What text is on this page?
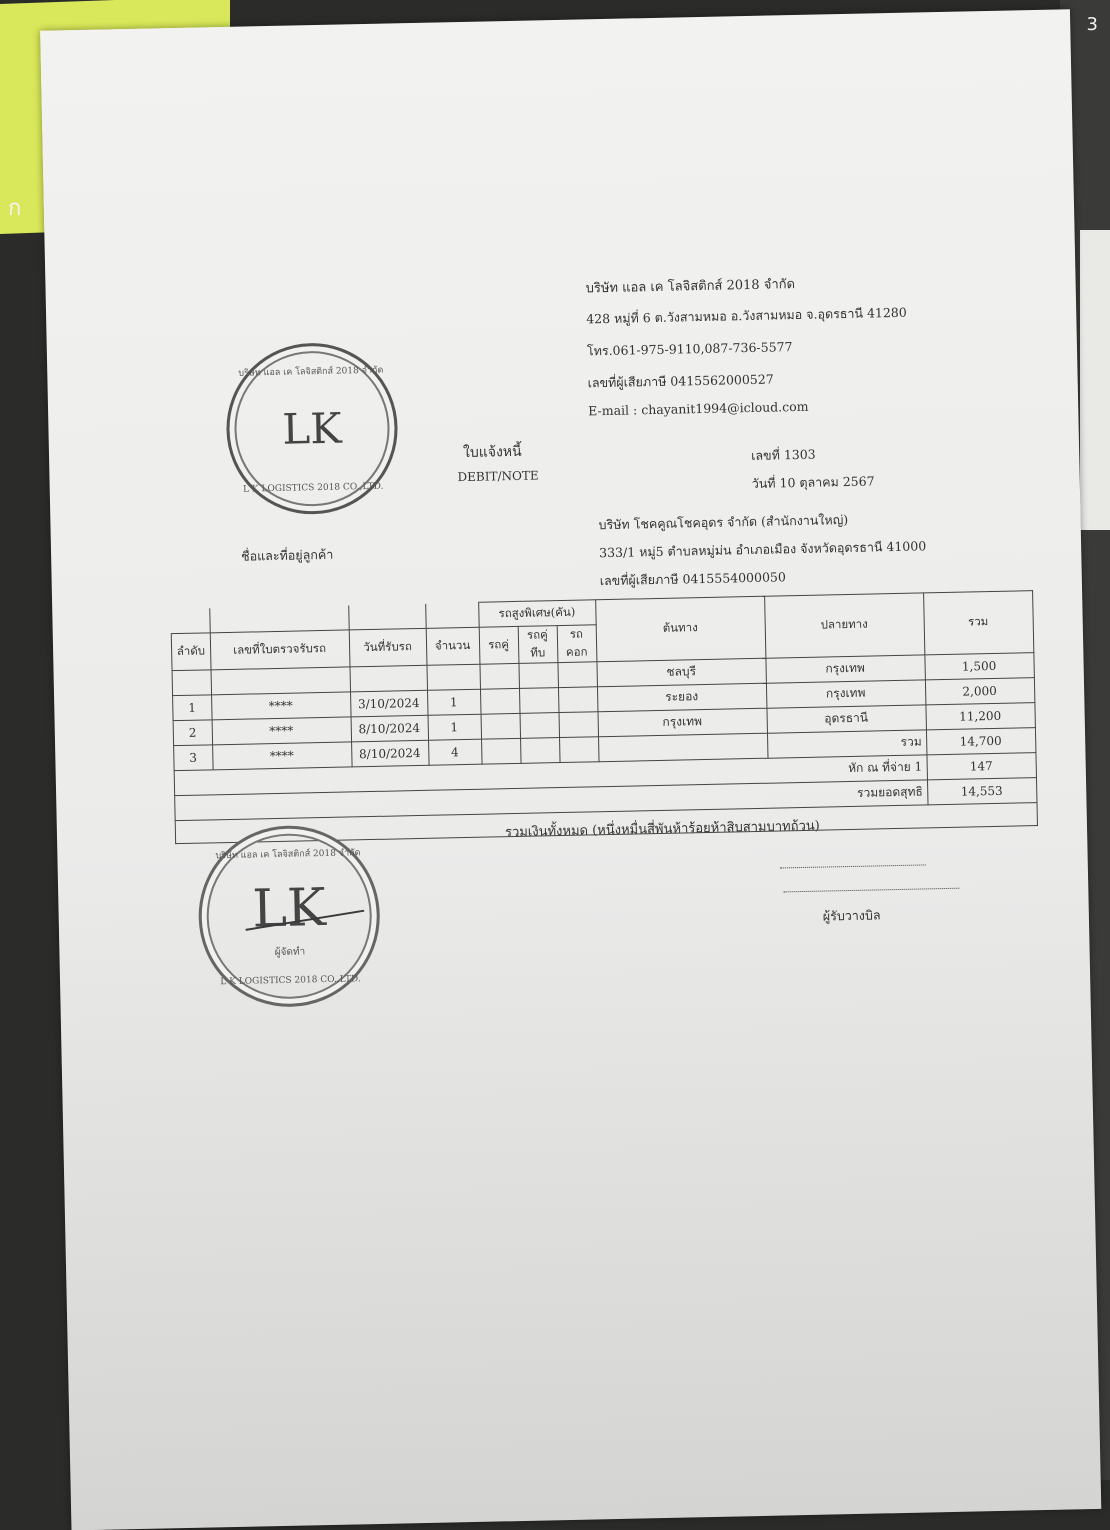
3
ก
บริษัท แอล เค โลจิสติกส์ 2018 จำกัด
LK
L K LOGISTICS 2018 CO.,LTD.
บริษัท แอล เค โลจิสติกส์ 2018 จำกัด
428 หมู่ที่ 6 ต.วังสามหมอ อ.วังสามหมอ จ.อุดรธานี 41280
โทร.061-975-9110,087-736-5577
เลขที่ผู้เสียภาษี 0415562000527
E-mail : chayanit1994@icloud.com
ใบแจ้งหนี้
DEBIT/NOTE
เลขที่ 1303
วันที่ 10 ตุลาคม 2567
ชื่อและที่อยู่ลูกค้า
บริษัท โชคคูณโชคอุดร จำกัด (สำนักงานใหญ่)
333/1 หมู่5 ตำบลหมู่ม่น อำเภอเมือง จังหวัดอุดรธานี 41000
เลขที่ผู้เสียภาษี 0415554000050
				รถสูงพิเศษ(คัน)			ต้นทาง	ปลายทาง	รวม
ลำดับ	เลขที่ใบตรวจรับรถ	วันที่รับรถ	จำนวน	รถคู่	รถคู่ทีบ	รถคอก			
							ชลบุรี	กรุงเทพ	1,500
1	****	3/10/2024	1				ระยอง	กรุงเทพ	2,000
2	****	8/10/2024	1				กรุงเทพ	อุดรธานี	11,200
3	****	8/10/2024	4					รวม	14,700
หัก ณ ที่จ่าย 1									147
รวมยอดสุทธิ									14,553

รวมเงินทั้งหมด (หนึ่งหมื่นสี่พันห้าร้อยห้าสิบสามบาทถ้วน)
บริษัท แอล เค โลจิสติกส์ 2018 จำกัด
LK
ผู้จัดทำ
L K LOGISTICS 2018 CO.,LTD.
ผู้รับวางบิล
